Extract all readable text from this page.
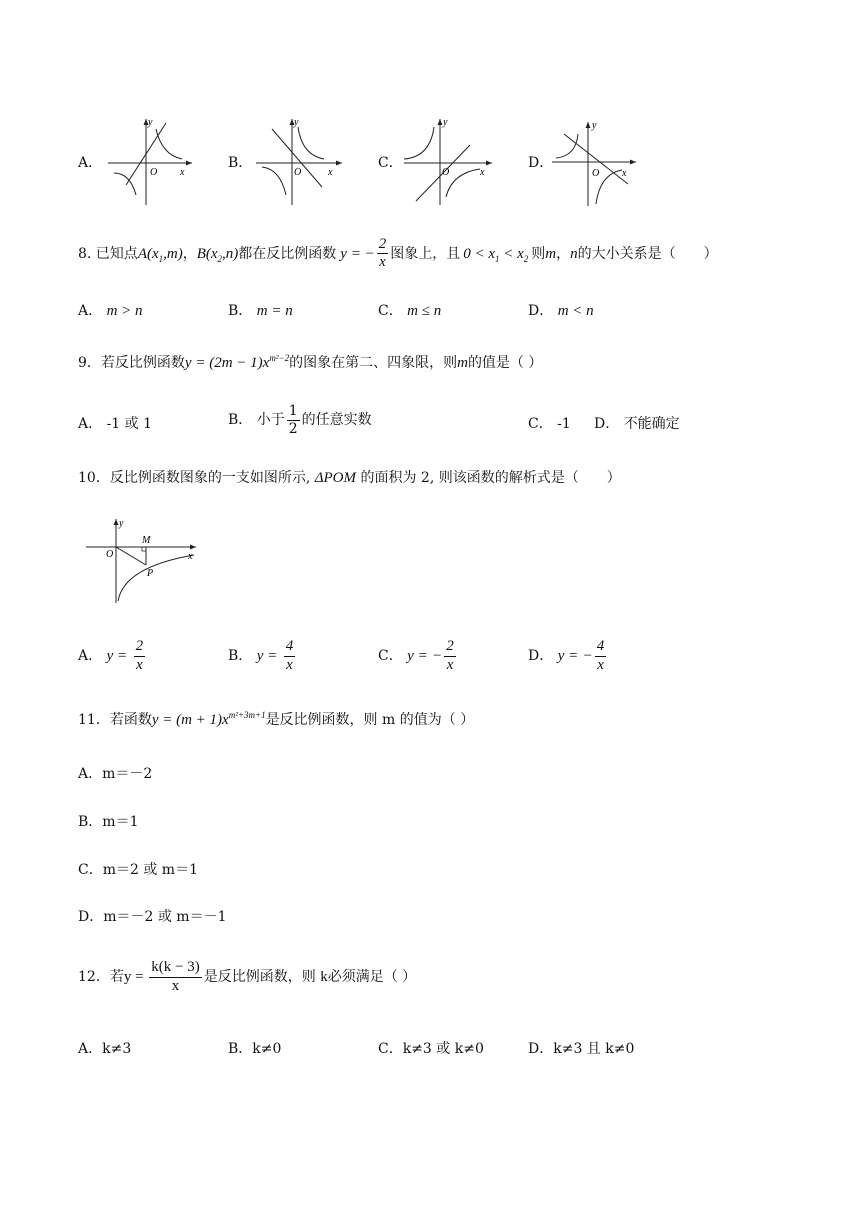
A．
O x
y
B．
O	x
y
C．
O	x
y
D．
O x
y
8. 已知点$A(x_1,m)$，$B(x_2,n)$都在反比例函数 y = − $\frac{2}{x}$ 图象上，且 $0 < x_1 < x_2$ 则m，n的大小关系是（　　）
A． m > n	B． m = n	C． m ≤ n	D． m < n
9．若反比例函数$y = (2m - 1)x^{m^2-2}$的图象在第二、四象限，则m的值是（ ）
A． -1 或 1	B． 小于 $\frac{1}{2}$ 的任意实数	C． -1 D． 不能确定
10．反比例函数图象的一支如图所示, ΔPOM 的面积为 2, 则该函数的解析式是（　　）
y
x
O
M
P
A． $y = \frac{2}{x}$	B． $y = \frac{4}{x}$	C． y = − $\frac{2}{x}$	D． y = − $\frac{4}{x}$
11．若函数$y = (m + 1)x^{m^2+3m+1}$是反比例函数，则 m 的值为（ ）
A．m＝－2
B．m＝1
C．m＝2 或 m＝1
D．m＝－2 或 m＝－1
12．若$y = \frac{k(k - 3)}{x}$ 是反比例函数，则 k必须满足（ ）
A．k≠3	B．k≠0	C．k≠3 或 k≠0	D．k≠3 且 k≠0
